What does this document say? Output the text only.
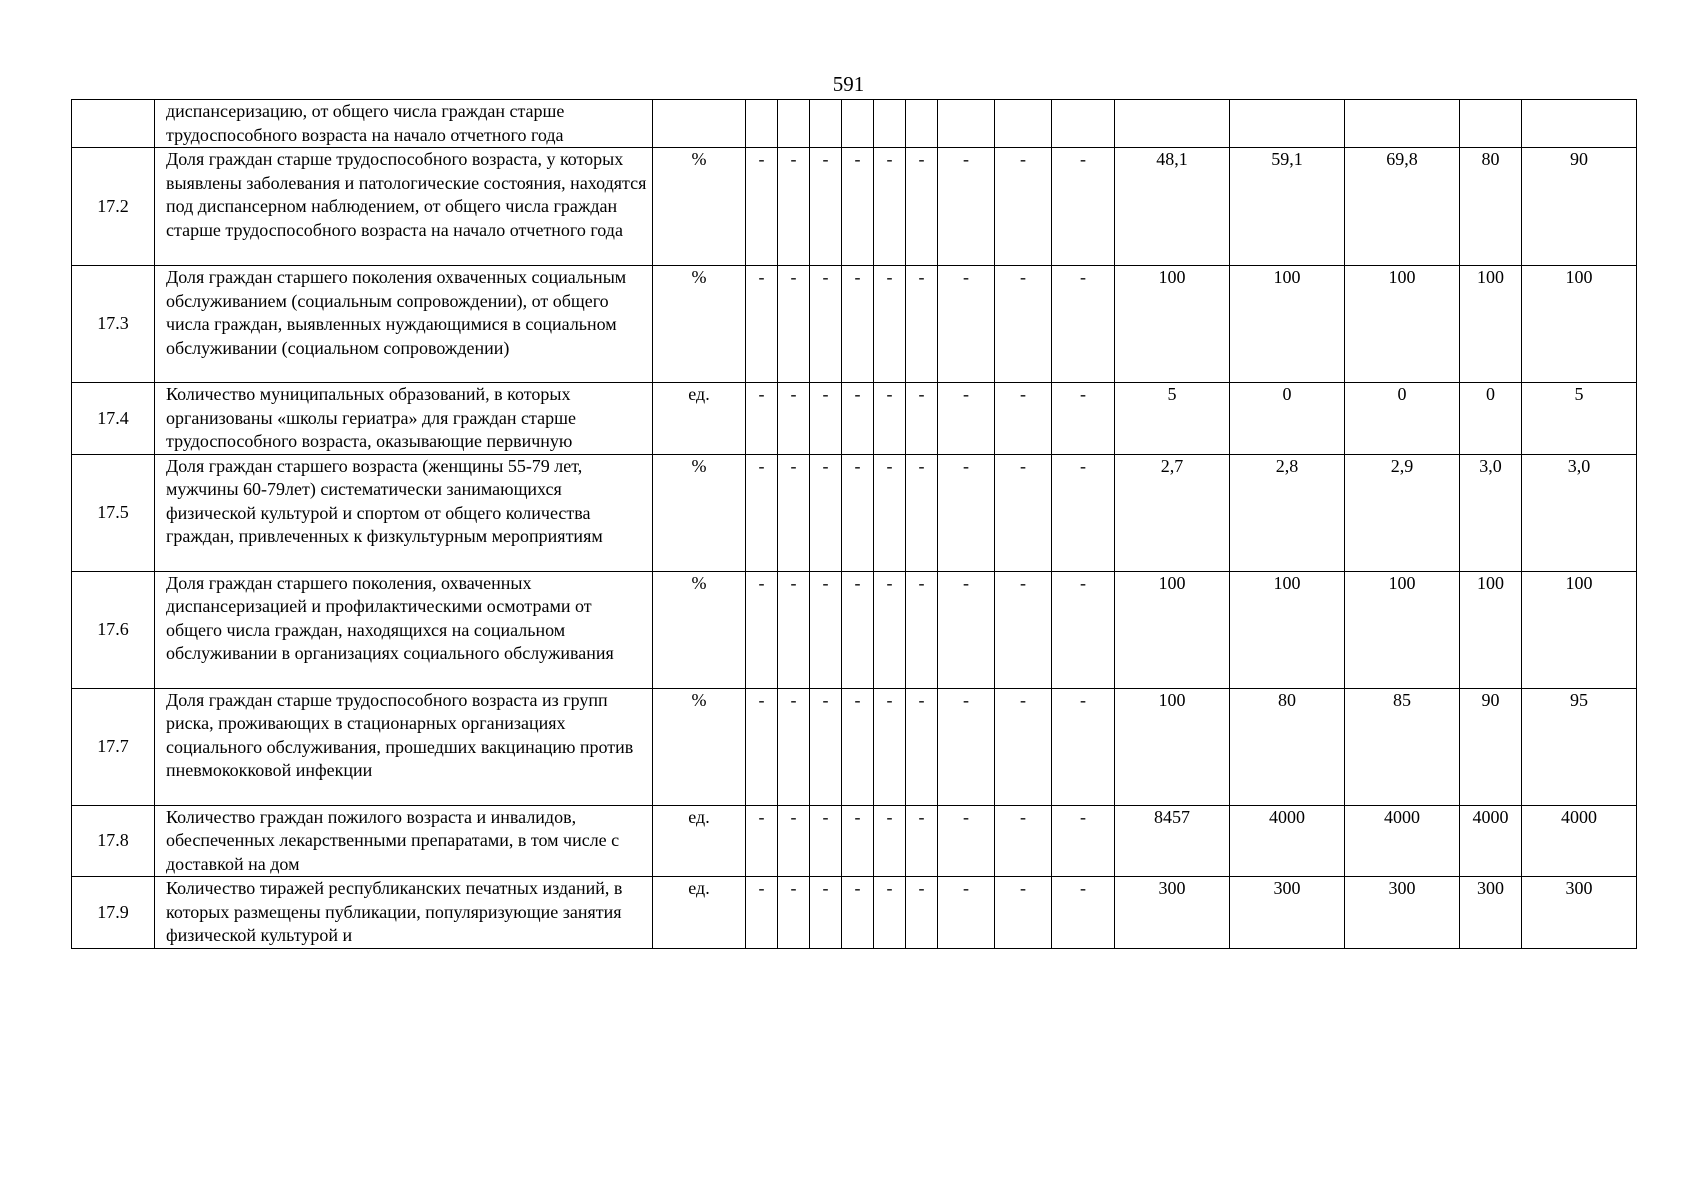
591
	диспансеризацию, от общего числа граждан старше трудоспособного возраста на начало отчетного года																
17.2	Доля граждан старше трудоспособного возраста, у которых выявлены заболевания и патологические состояния, находятся под диспансерном наблюдением, от общего числа граждан старше трудоспособного возраста на начало отчетного года	%	-	-	-	-	-	-	-	-	-	48,1	59,1	69,8	80	90	
17.3	Доля граждан старшего поколения охваченных социальным обслуживанием (социальным сопровождении), от общего числа граждан, выявленных нуждающимися в социальном обслуживании (социальном сопровождении)	%	-	-	-	-	-	-	-	-	-	100	100	100	100	100	
17.4	Количество муниципальных образований, в которых организованы «школы гериатра» для граждан старше трудоспособного возраста, оказывающие первичную	ед.	-	-	-	-	-	-	-	-	-	5	0	0	0	5	
17.5	Доля граждан старшего возраста (женщины 55-79 лет, мужчины 60-79лет) систематически занимающихся физической культурой и спортом от общего количества граждан, привлеченных к физкультурным мероприятиям	%	-	-	-	-	-	-	-	-	-	2,7	2,8	2,9	3,0	3,0	
17.6	Доля граждан старшего поколения, охваченных диспансеризацией и профилактическими осмотрами от общего числа граждан, находящихся на социальном обслуживании в организациях социального обслуживания	%	-	-	-	-	-	-	-	-	-	100	100	100	100	100	
17.7	Доля граждан старше трудоспособного возраста из групп риска, проживающих в стационарных организациях социального обслуживания, прошедших вакцинацию против пневмококковой инфекции	%	-	-	-	-	-	-	-	-	-	100	80	85	90	95	
17.8	Количество граждан пожилого возраста и инвалидов, обеспеченных лекарственными препаратами, в том числе с доставкой на дом	ед.	-	-	-	-	-	-	-	-	-	8457	4000	4000	4000	4000	
17.9	Количество тиражей республиканских печатных изданий, в которых размещены публикации, популяризующие занятия физической культурой и	ед.	-	-	-	-	-	-	-	-	-	300	300	300	300	300	
